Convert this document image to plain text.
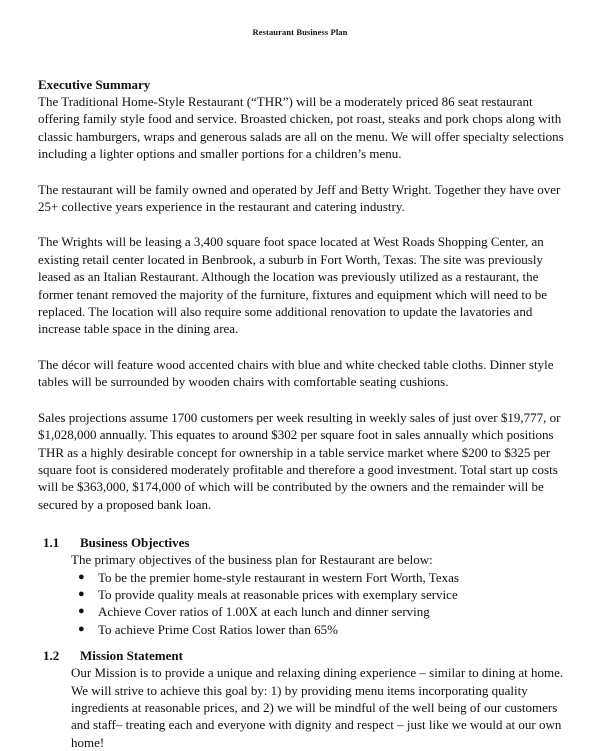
Restaurant Business Plan
Executive Summary

The Traditional Home-Style Restaurant (“THR”) will be a moderately priced 86 seat restaurant offering family style food and service. Broasted chicken, pot roast, steaks and pork chops along with classic hamburgers, wraps and generous salads are all on the menu. We will offer specialty selections including a lighter options and smaller portions for a children’s menu.

The restaurant will be family owned and operated by Jeff and Betty Wright. Together they have over 25+ collective years experience in the restaurant and catering industry.

The Wrights will be leasing a 3,400 square foot space located at West Roads Shopping Center, an existing retail center located in Benbrook, a suburb in Fort Worth, Texas. The site was previously leased as an Italian Restaurant. Although the location was previously utilized as a restaurant, the former tenant removed the majority of the furniture, fixtures and equipment which will need to be replaced. The location will also require some additional renovation to update the lavatories and increase table space in the dining area.

The décor will feature wood accented chairs with blue and white checked table cloths. Dinner style tables will be surrounded by wooden chairs with comfortable seating cushions.

Sales projections assume 1700 customers per week resulting in weekly sales of just over $19,777, or $1,028,000 annually. This equates to around $302 per square foot in sales annually which positions THR as a highly desirable concept for ownership in a table service market where $200 to $325 per square foot is considered moderately profitable and therefore a good investment. Total start up costs will be $363,000, $174,000 of which will be contributed by the owners and the remainder will be secured by a proposed bank loan.

1.1	Business Objectives

The primary objectives of the business plan for Restaurant are below:

●	To be the premier home-style restaurant in western Fort Worth, Texas
●	To provide quality meals at reasonable prices with exemplary service
●	Achieve Cover ratios of 1.00X at each lunch and dinner serving
●	To achieve Prime Cost Ratios lower than 65%
1.2	Mission Statement

Our Mission is to provide a unique and relaxing dining experience – similar to dining at home. We will strive to achieve this goal by: 1) by providing menu items incorporating quality ingredients at reasonable prices, and 2) we will be mindful of the well being of our customers and staff– treating each and everyone with dignity and respect – just like we would at our own home!
